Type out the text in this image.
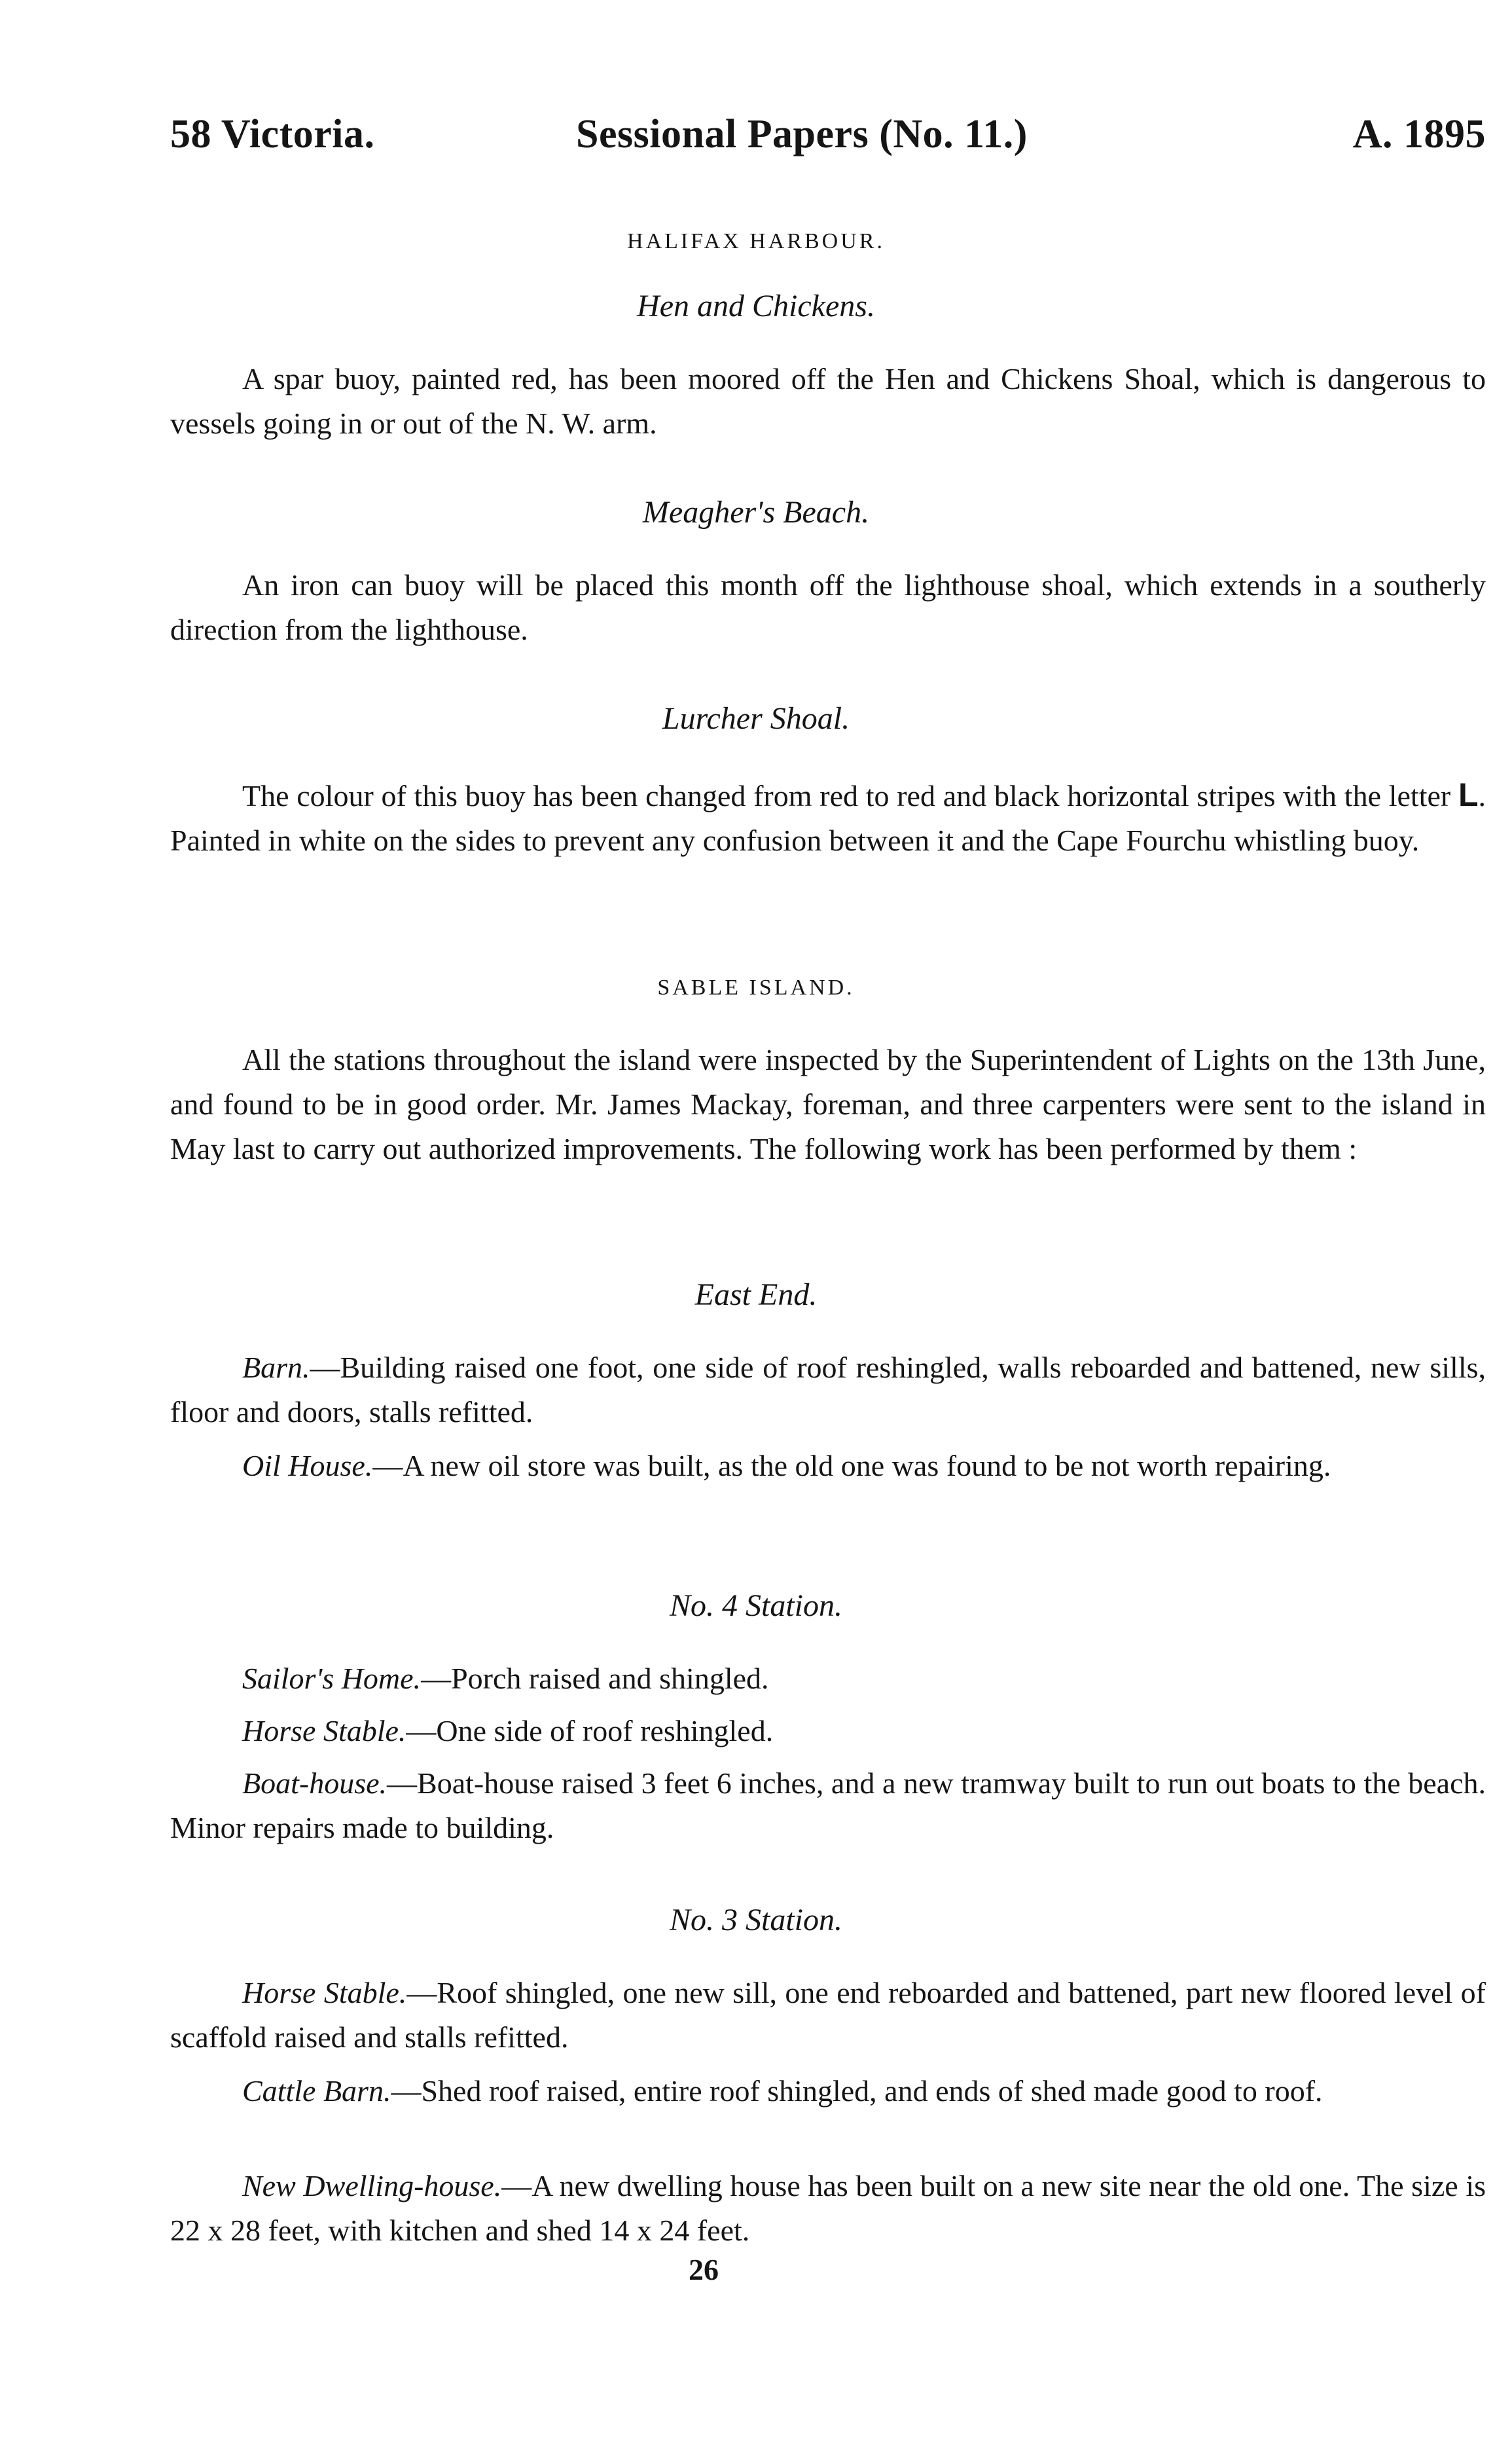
58 Victoria.	Sessional Papers (No. 11.)	A. 1895
HALIFAX HARBOUR.
Hen and Chickens.
A spar buoy, painted red, has been moored off the Hen and Chickens Shoal, which is dangerous to vessels going in or out of the N. W. arm.
Meagher's Beach.
An iron can buoy will be placed this month off the lighthouse shoal, which extends in a southerly direction from the lighthouse.
Lurcher Shoal.
The colour of this buoy has been changed from red to red and black horizontal stripes with the letter L. Painted in white on the sides to prevent any confusion between it and the Cape Fourchu whistling buoy.
SABLE ISLAND.
All the stations throughout the island were inspected by the Superintendent of Lights on the 13th June, and found to be in good order. Mr. James Mackay, foreman, and three carpenters were sent to the island in May last to carry out authorized improvements. The following work has been performed by them :
East End.
Barn.—Building raised one foot, one side of roof reshingled, walls reboarded and battened, new sills, floor and doors, stalls refitted.
Oil House.—A new oil store was built, as the old one was found to be not worth repairing.
No. 4 Station.
Sailor's Home.—Porch raised and shingled.
Horse Stable.—One side of roof reshingled.
Boat-house.—Boat-house raised 3 feet 6 inches, and a new tramway built to run out boats to the beach. Minor repairs made to building.
No. 3 Station.
Horse Stable.—Roof shingled, one new sill, one end reboarded and battened, part new floored level of scaffold raised and stalls refitted.
Cattle Barn.—Shed roof raised, entire roof shingled, and ends of shed made good to roof.
New Dwelling-house.—A new dwelling house has been built on a new site near the old one. The size is 22 x 28 feet, with kitchen and shed 14 x 24 feet.
26
